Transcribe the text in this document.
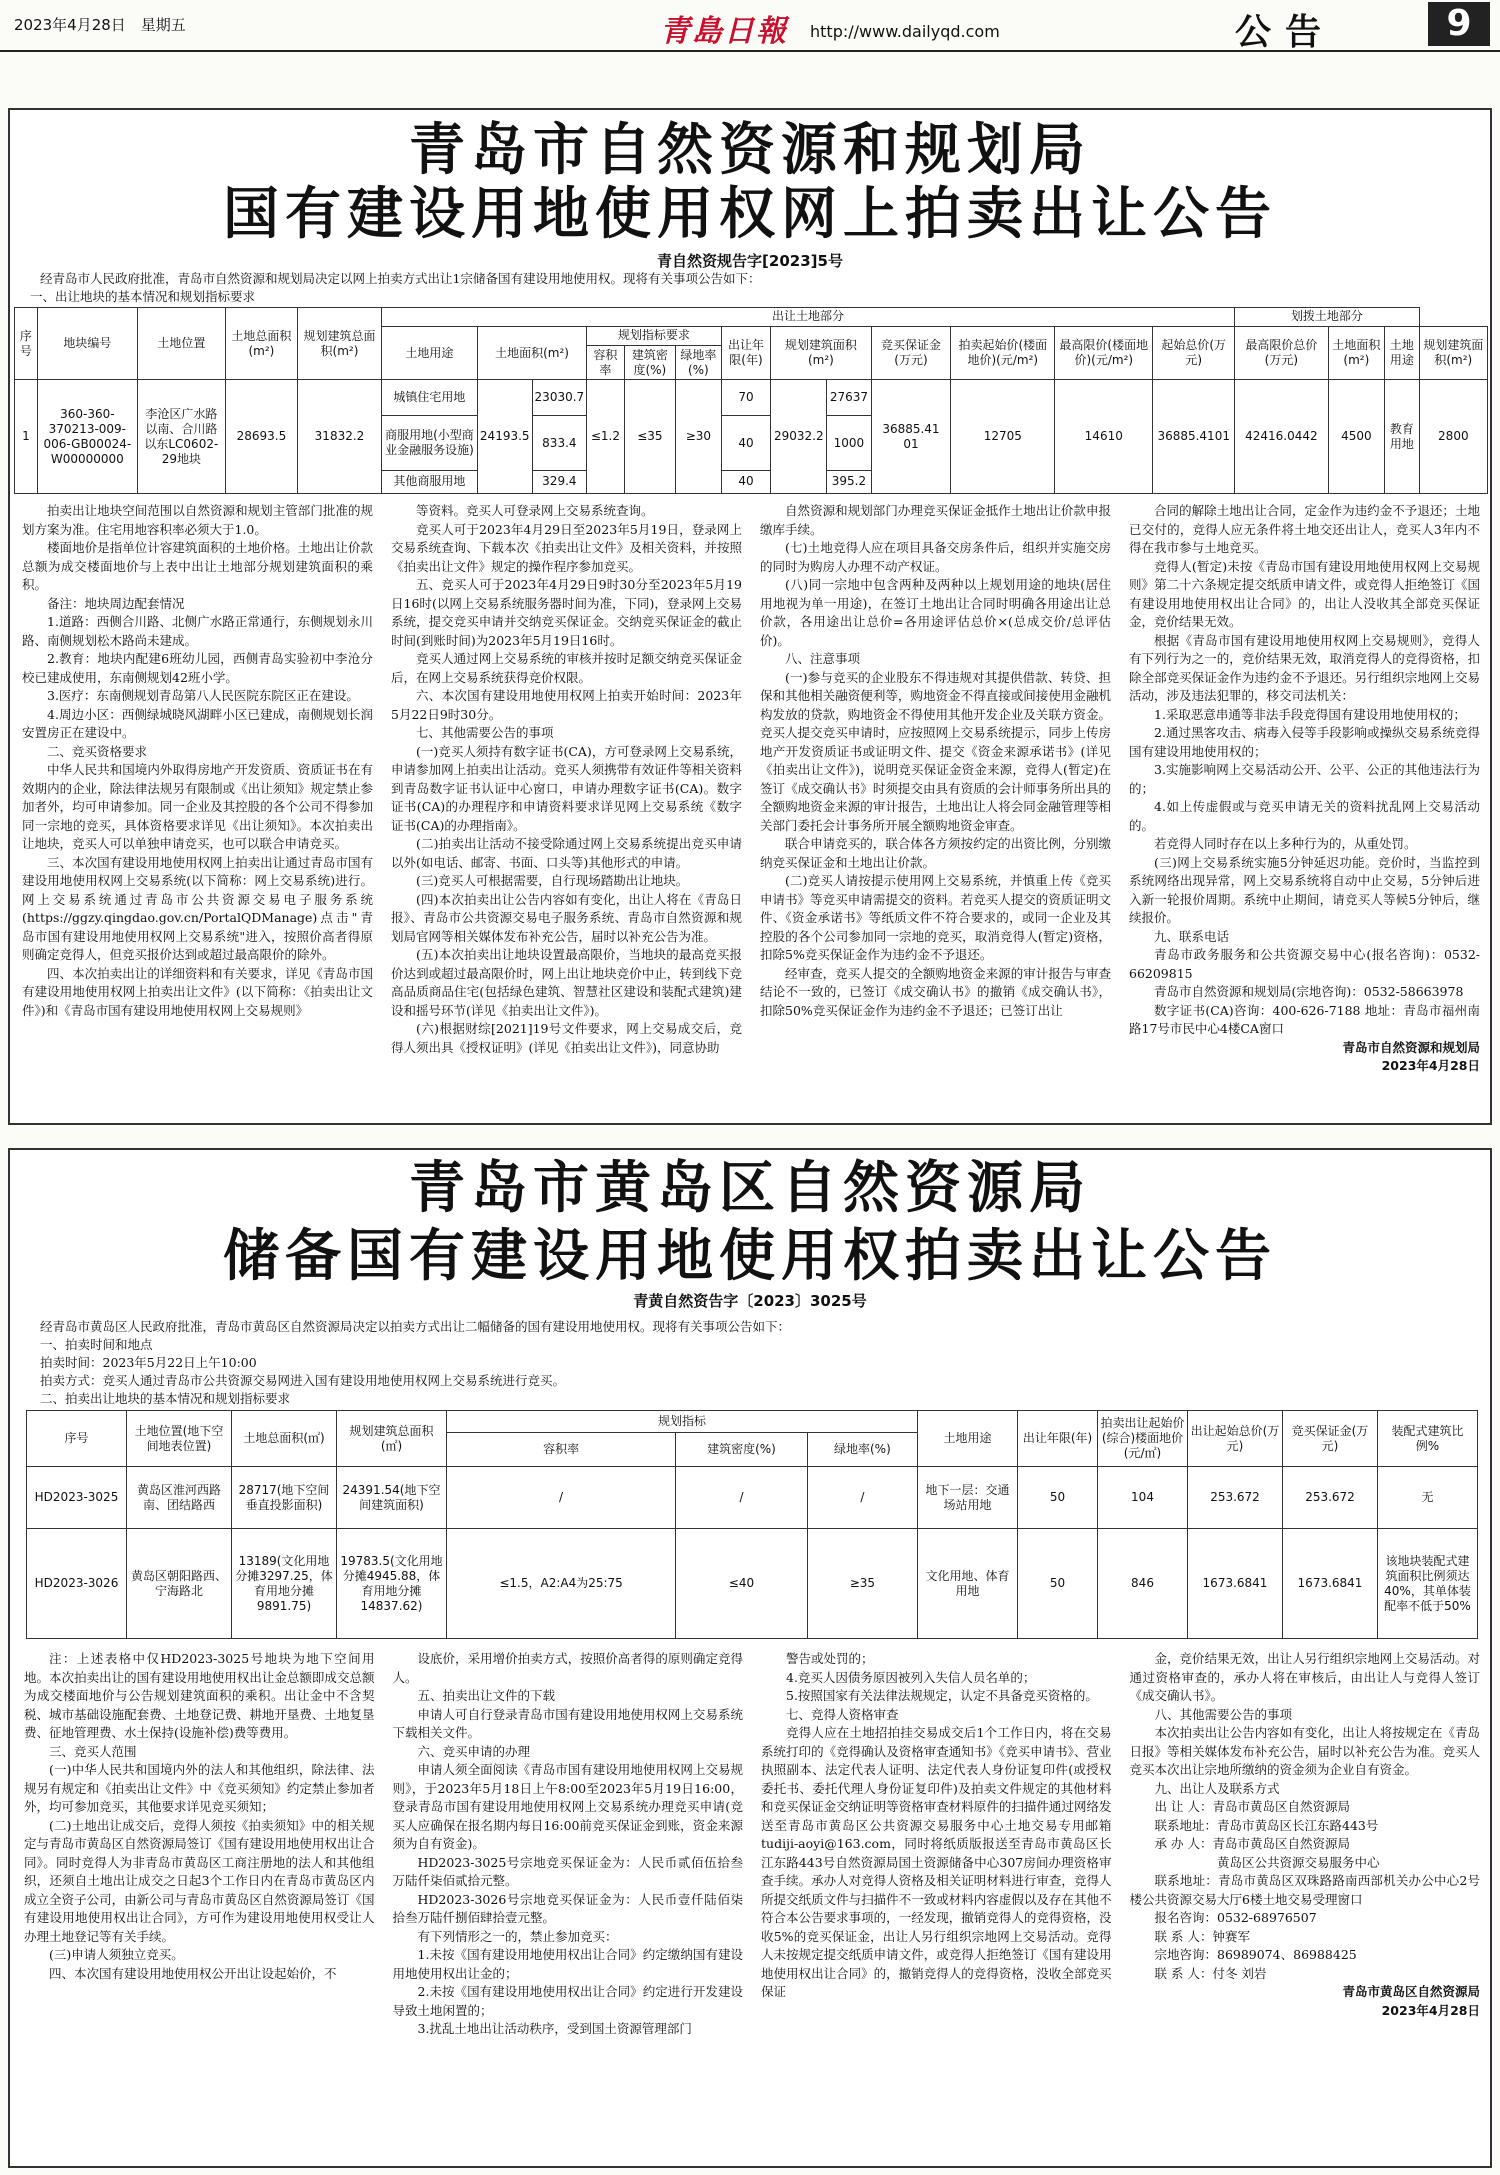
2023年4月28日　星期五	青島日報 http://www.dailyqd.com	公告	9
青岛市自然资源和规划局
国有建设用地使用权网上拍卖出让公告
青自然资规告字[2023]5号
经青岛市人民政府批准，青岛市自然资源和规划局决定以网上拍卖方式出让1宗储备国有建设用地使用权。现将有关事项公告如下：
一、出让地块的基本情况和规划指标要求
序号	地块编号	土地位置	土地总面积(m²)	规划建筑总面积(m²)	出让土地部分													划拨土地部分			
					土地用途	土地面积(m²)		规划指标要求			出让年限(年)	规划建筑面积(m²)		竞买保证金(万元)	拍卖起始价(楼面地价)(元/m²)	最高限价(楼面地价)(元/m²)	起始总价(万元)	最高限价总价(万元)	土地面积(m²)	土地用途	规划建筑面积(m²)
								容积率	建筑密度(%)	绿地率(%)											
1	360-360-370213-009-006-GB00024-W00000000	李沧区广水路以南、合川路以东LC0602-29地块	28693.5	31832.2	城镇住宅用地	24193.5	23030.7	≤1.2	≤35	≥30	70	29032.2	27637	36885.41 01	12705	14610	36885.4101	42416.0442	4500	教育用地	2800
					商服用地(小型商业金融服务设施)		833.4				40		1000								
					其他商服用地		329.4				40		395.2								

拍卖出让地块空间范围以自然资源和规划主管部门批准的规划方案为准。住宅用地容积率必须大于1.0。

楼面地价是指单位计容建筑面积的土地价格。土地出让价款总额为成交楼面地价与上表中出让土地部分规划建筑面积的乘积。

备注：地块周边配套情况

1.道路：西侧合川路、北侧广水路正常通行，东侧规划永川路、南侧规划松木路尚未建成。

2.教育：地块内配建6班幼儿园，西侧青岛实验初中李沧分校已建成使用，东南侧规划42班小学。

3.医疗：东南侧规划青岛第八人民医院东院区正在建设。

4.周边小区：西侧绿城晓风湖畔小区已建成，南侧规划长润安置房正在建设中。

二、竞买资格要求

中华人民共和国境内外取得房地产开发资质、资质证书在有效期内的企业，除法律法规另有限制或《出让须知》规定禁止参加者外，均可申请参加。同一企业及其控股的各个公司不得参加同一宗地的竞买，具体资格要求详见《出让须知》。本次拍卖出让地块，竞买人可以单独申请竞买，也可以联合申请竞买。

三、本次国有建设用地使用权网上拍卖出让通过青岛市国有建设用地使用权网上交易系统(以下简称：网上交易系统)进行。网上交易系统通过青岛市公共资源交易电子服务系统(https://ggzy.qingdao.gov.cn/PortalQDManage)点击"青岛市国有建设用地使用权网上交易系统"进入，按照价高者得原则确定竞得人，但竞买报价达到或超过最高限价的除外。

四、本次拍卖出让的详细资料和有关要求，详见《青岛市国有建设用地使用权网上拍卖出让文件》(以下简称：《拍卖出让文件》)和《青岛市国有建设用地使用权网上交易规则》

等资料。竞买人可登录网上交易系统查询。

竞买人可于2023年4月29日至2023年5月19日，登录网上交易系统查询、下载本次《拍卖出让文件》及相关资料，并按照《拍卖出让文件》规定的操作程序参加竞买。

五、竞买人可于2023年4月29日9时30分至2023年5月19日16时(以网上交易系统服务器时间为准，下同)，登录网上交易系统，提交竞买申请并交纳竞买保证金。交纳竞买保证金的截止时间(到账时间)为2023年5月19日16时。

竞买人通过网上交易系统的审核并按时足额交纳竞买保证金后，在网上交易系统获得竞价权限。

六、本次国有建设用地使用权网上拍卖开始时间：2023年5月22日9时30分。

七、其他需要公告的事项

(一)竞买人须持有数字证书(CA)，方可登录网上交易系统，申请参加网上拍卖出让活动。竞买人须携带有效证件等相关资料到青岛数字证书认证中心窗口，申请办理数字证书(CA)。数字证书(CA)的办理程序和申请资料要求详见网上交易系统《数字证书(CA)的办理指南》。

(二)拍卖出让活动不接受除通过网上交易系统提出竞买申请以外(如电话、邮寄、书面、口头等)其他形式的申请。

(三)竞买人可根据需要，自行现场踏勘出让地块。

(四)本次拍卖出让公告内容如有变化，出让人将在《青岛日报》、青岛市公共资源交易电子服务系统、青岛市自然资源和规划局官网等相关媒体发布补充公告，届时以补充公告为准。

(五)本次拍卖出让地块设置最高限价，当地块的最高竞买报价达到或超过最高限价时，网上出让地块竞价中止，转到线下竞高品质商品住宅(包括绿色建筑、智慧社区建设和装配式建筑)建设和摇号环节(详见《拍卖出让文件》)。

(六)根据财综[2021]19号文件要求，网上交易成交后，竞得人须出具《授权证明》(详见《拍卖出让文件》)，同意协助

自然资源和规划部门办理竞买保证金抵作土地出让价款申报缴库手续。

(七)土地竞得人应在项目具备交房条件后，组织并实施交房的同时为购房人办理不动产权证。

(八)同一宗地中包含两种及两种以上规划用途的地块(居住用地视为单一用途)，在签订土地出让合同时明确各用途出让总价款，各用途出让总价=各用途评估总价×(总成交价/总评估价)。

八、注意事项

(一)参与竞买的企业股东不得违规对其提供借款、转贷、担保和其他相关融资便利等，购地资金不得直接或间接使用金融机构发放的贷款，购地资金不得使用其他开发企业及关联方资金。竞买人提交竞买申请时，应按照网上交易系统提示，同步上传房地产开发资质证书或证明文件、提交《资金来源承诺书》(详见《拍卖出让文件》)，说明竞买保证金资金来源，竞得人(暂定)在签订《成交确认书》时须提交由具有资质的会计师事务所出具的全额购地资金来源的审计报告，土地出让人将会同金融管理等相关部门委托会计事务所开展全额购地资金审查。

联合申请竞买的，联合体各方须按约定的出资比例，分别缴纳竞买保证金和土地出让价款。

(二)竞买人请按提示使用网上交易系统，并慎重上传《竞买申请书》等竞买申请需提交的资料。若竞买人提交的资质证明文件、《资金承诺书》等纸质文件不符合要求的，或同一企业及其控股的各个公司参加同一宗地的竞买，取消竞得人(暂定)资格，扣除5%竞买保证金作为违约金不予退还。

经审查，竞买人提交的全额购地资金来源的审计报告与审查结论不一致的，已签订《成交确认书》的撤销《成交确认书》，扣除50%竞买保证金作为违约金不予退还；已签订出让

合同的解除土地出让合同，定金作为违约金不予退还；土地已交付的，竞得人应无条件将土地交还出让人，竞买人3年内不得在我市参与土地竞买。

竞得人(暂定)未按《青岛市国有建设用地使用权网上交易规则》第二十六条规定提交纸质申请文件，或竞得人拒绝签订《国有建设用地使用权出让合同》的，出让人没收其全部竞买保证金，竞价结果无效。

根据《青岛市国有建设用地使用权网上交易规则》，竞得人有下列行为之一的，竞价结果无效，取消竞得人的竞得资格，扣除全部竞买保证金作为违约金不予退还。另行组织宗地网上交易活动，涉及违法犯罪的，移交司法机关：

1.采取恶意串通等非法手段竞得国有建设用地使用权的；

2.通过黑客攻击、病毒入侵等手段影响或操纵交易系统竞得国有建设用地使用权的；

3.实施影响网上交易活动公开、公平、公正的其他违法行为的；

4.如上传虚假或与竞买申请无关的资料扰乱网上交易活动的。

若竞得人同时存在以上多种行为的，从重处罚。

(三)网上交易系统实施5分钟延迟功能。竞价时，当监控到系统网络出现异常，网上交易系统将自动中止交易，5分钟后进入新一轮报价周期。系统中止期间，请竞买人等候5分钟后，继续报价。

九、联系电话

青岛市政务服务和公共资源交易中心(报名咨询)：0532-66209815

青岛市自然资源和规划局(宗地咨询)：0532-58663978

数字证书(CA)咨询：400-626-7188 地址：青岛市福州南路17号市民中心4楼CA窗口

青岛市自然资源和规划局
2023年4月28日
青岛市黄岛区自然资源局
储备国有建设用地使用权拍卖出让公告
青黄自然资告字〔2023〕3025号
经青岛市黄岛区人民政府批准，青岛市黄岛区自然资源局决定以拍卖方式出让二幅储备的国有建设用地使用权。现将有关事项公告如下：
一、拍卖时间和地点
拍卖时间：2023年5月22日上午10:00
拍卖方式：竞买人通过青岛市公共资源交易网进入国有建设用地使用权网上交易系统进行竞买。
二、拍卖出让地块的基本情况和规划指标要求
序号	土地位置(地下空间地表位置)	土地总面积(㎡)	规划建筑总面积(㎡)	规划指标			土地用途	出让年限(年)	拍卖出让起始价(综合)楼面地价(元/㎡)	出让起始总价(万元)	竞买保证金(万元)	装配式建筑比例%
				容积率	建筑密度(%)	绿地率(%)						
HD2023-3025	黄岛区淮河西路南、团结路西	28717(地下空间垂直投影面积)	24391.54(地下空间建筑面积)	/	/	/	地下一层：交通场站用地	50	104	253.672	253.672	无
HD2023-3026	黄岛区朝阳路西、宁海路北	13189(文化用地分摊3297.25，体育用地分摊9891.75)	19783.5(文化用地分摊4945.88，体育用地分摊14837.62)	≤1.5，A2:A4为25:75	≤40	≥35	文化用地、体育用地	50	846	1673.6841	1673.6841	该地块装配式建筑面积比例须达40%，其单体装配率不低于50%

注：上述表格中仅HD2023-3025号地块为地下空间用地。本次拍卖出让的国有建设用地使用权出让金总额即成交总额为成交楼面地价与公告规划建筑面积的乘积。出让金中不含契税、城市基础设施配套费、土地登记费、耕地开垦费、土地复垦费、征地管理费、水土保持(设施补偿)费等费用。

三、竞买人范围

(一)中华人民共和国境内外的法人和其他组织，除法律、法规另有规定和《拍卖出让文件》中《竞买须知》约定禁止参加者外，均可参加竞买，其他要求详见竞买须知；

(二)土地出让成交后，竞得人须按《拍卖须知》中的相关规定与青岛市黄岛区自然资源局签订《国有建设用地使用权出让合同》。同时竞得人为非青岛市黄岛区工商注册地的法人和其他组织，还须自土地出让成交之日起3个工作日内在青岛市黄岛区内成立全资子公司，由新公司与青岛市黄岛区自然资源局签订《国有建设用地使用权出让合同》，方可作为建设用地使用权受让人办理土地登记等有关手续。

(三)申请人须独立竞买。

四、本次国有建设用地使用权公开出让设起始价，不

设底价，采用增价拍卖方式，按照价高者得的原则确定竞得人。

五、拍卖出让文件的下载

申请人可自行登录青岛市国有建设用地使用权网上交易系统下载相关文件。

六、竞买申请的办理

申请人须全面阅读《青岛市国有建设用地使用权网上交易规则》，于2023年5月18日上午8:00至2023年5月19日16:00，登录青岛市国有建设用地使用权网上交易系统办理竞买申请(竞买人应确保在报名期内每日16:00前竞买保证金到账，资金来源须为自有资金)。

HD2023-3025号宗地竞买保证金为：人民币贰佰伍拾叁万陆仟柒佰贰拾元整。

HD2023-3026号宗地竞买保证金为：人民币壹仟陆佰柒拾叁万陆仟捌佰肆拾壹元整。

有下列情形之一的，禁止参加竞买：

1.未按《国有建设用地使用权出让合同》约定缴纳国有建设用地使用权出让金的；

2.未按《国有建设用地使用权出让合同》约定进行开发建设导致土地闲置的；

3.扰乱土地出让活动秩序，受到国土资源管理部门

警告或处罚的；

4.竞买人因债务原因被列入失信人员名单的；

5.按照国家有关法律法规规定，认定不具备竞买资格的。

七、竞得人资格审查

竞得人应在土地招拍挂交易成交后1个工作日内，将在交易系统打印的《竞得确认及资格审查通知书》《竞买申请书》、营业执照副本、法定代表人证明、法定代表人身份证复印件(或授权委托书、委托代理人身份证复印件)及拍卖文件规定的其他材料和竞买保证金交纳证明等资格审查材料原件的扫描件通过网络发送至青岛市黄岛区公共资源交易服务中心土地交易专用邮箱tudiji-aoyi@163.com，同时将纸质版报送至青岛市黄岛区长江东路443号自然资源局国土资源储备中心307房间办理资格审查手续。承办人对竞得人资格及相关证明材料进行审查，竞得人所提交纸质文件与扫描件不一致或材料内容虚假以及存在其他不符合本公告要求事项的，一经发现，撤销竞得人的竞得资格，没收5%的竞买保证金，出让人另行组织宗地网上交易活动。竞得人未按规定提交纸质申请文件，或竞得人拒绝签订《国有建设用地使用权出让合同》的，撤销竞得人的竞得资格，没收全部竞买保证

金，竞价结果无效，出让人另行组织宗地网上交易活动。对通过资格审查的，承办人将在审核后，由出让人与竞得人签订《成交确认书》。

八、其他需要公告的事项

本次拍卖出让公告内容如有变化，出让人将按规定在《青岛日报》等相关媒体发布补充公告，届时以补充公告为准。竞买人竞买本次出让宗地所缴纳的资金须为企业自有资金。

九、出让人及联系方式

出 让 人：青岛市黄岛区自然资源局

联系地址：青岛市黄岛区长江东路443号

承 办 人：青岛市黄岛区自然资源局

　　　　　黄岛区公共资源交易服务中心

联系地址：青岛市黄岛区双珠路路南西部机关办公中心2号楼公共资源交易大厅6楼土地交易受理窗口

报名咨询：0532-68976507

联 系 人：钟赛军

宗地咨询：86989074、86988425

联 系 人：付冬 刘岩

青岛市黄岛区自然资源局
2023年4月28日
